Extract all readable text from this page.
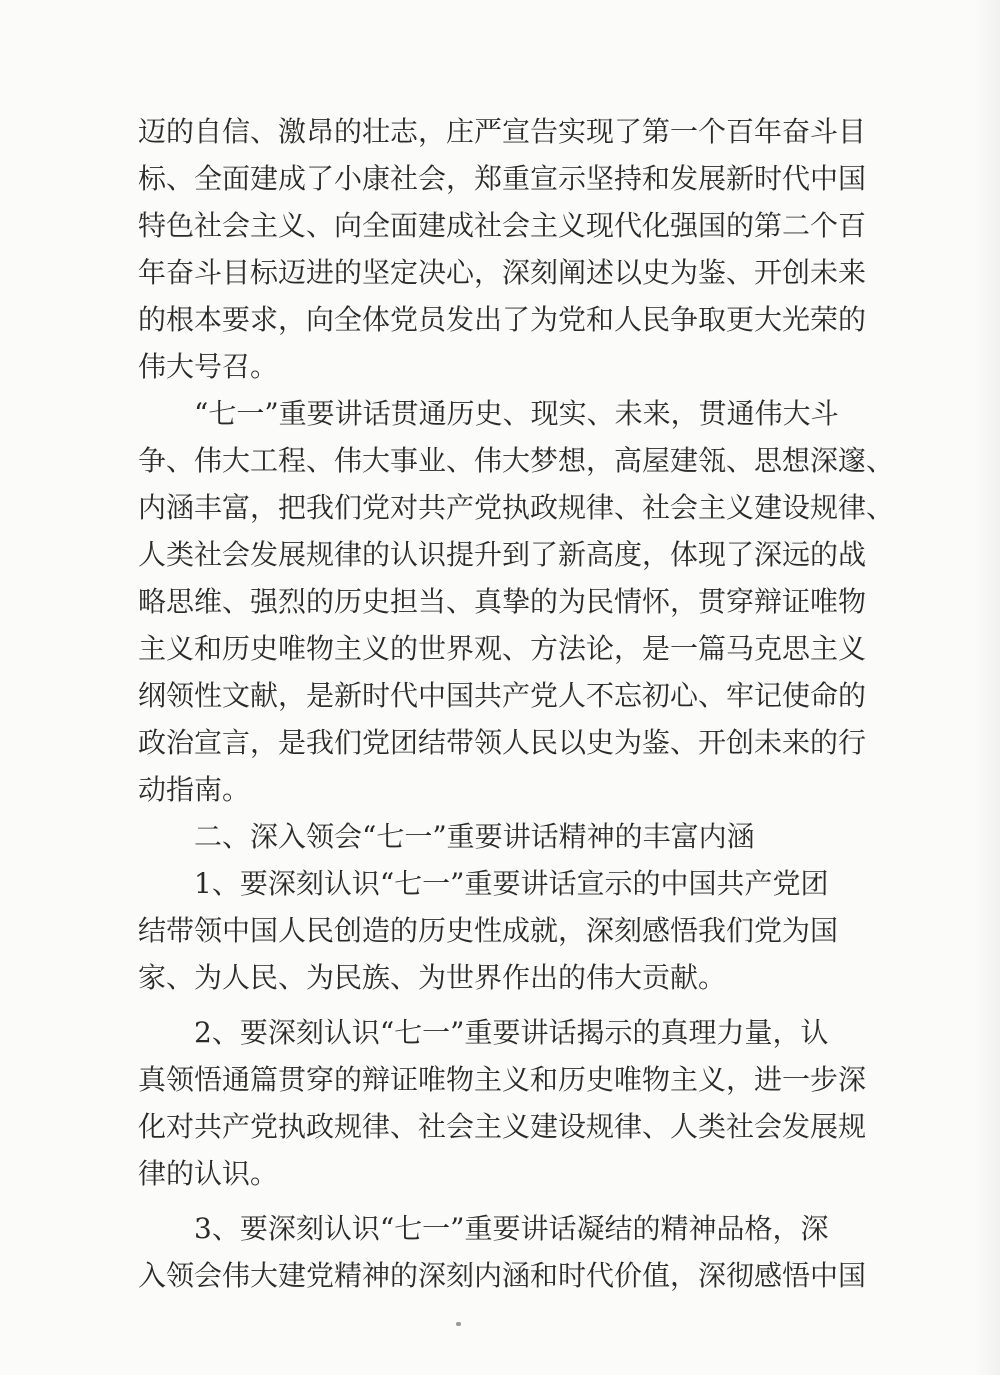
迈的自信、激昂的壮志，庄严宣告实现了第一个百年奋斗目
标、全面建成了小康社会，郑重宣示坚持和发展新时代中国
特色社会主义、向全面建成社会主义现代化强国的第二个百
年奋斗目标迈进的坚定决心，深刻阐述以史为鉴、开创未来
的根本要求，向全体党员发出了为党和人民争取更大光荣的
伟大号召。
“七一”重要讲话贯通历史、现实、未来，贯通伟大斗
争、伟大工程、伟大事业、伟大梦想，高屋建瓴、思想深邃、
内涵丰富，把我们党对共产党执政规律、社会主义建设规律、
人类社会发展规律的认识提升到了新高度，体现了深远的战
略思维、强烈的历史担当、真挚的为民情怀，贯穿辩证唯物
主义和历史唯物主义的世界观、方法论，是一篇马克思主义
纲领性文献，是新时代中国共产党人不忘初心、牢记使命的
政治宣言，是我们党团结带领人民以史为鉴、开创未来的行
动指南。
二、深入领会“七一”重要讲话精神的丰富内涵
1、要深刻认识“七一”重要讲话宣示的中国共产党团
结带领中国人民创造的历史性成就，深刻感悟我们党为国
家、为人民、为民族、为世界作出的伟大贡献。
2、要深刻认识“七一”重要讲话揭示的真理力量，认
真领悟通篇贯穿的辩证唯物主义和历史唯物主义，进一步深
化对共产党执政规律、社会主义建设规律、人类社会发展规
律的认识。
3、要深刻认识“七一”重要讲话凝结的精神品格，深
入领会伟大建党精神的深刻内涵和时代价值，深彻感悟中国
